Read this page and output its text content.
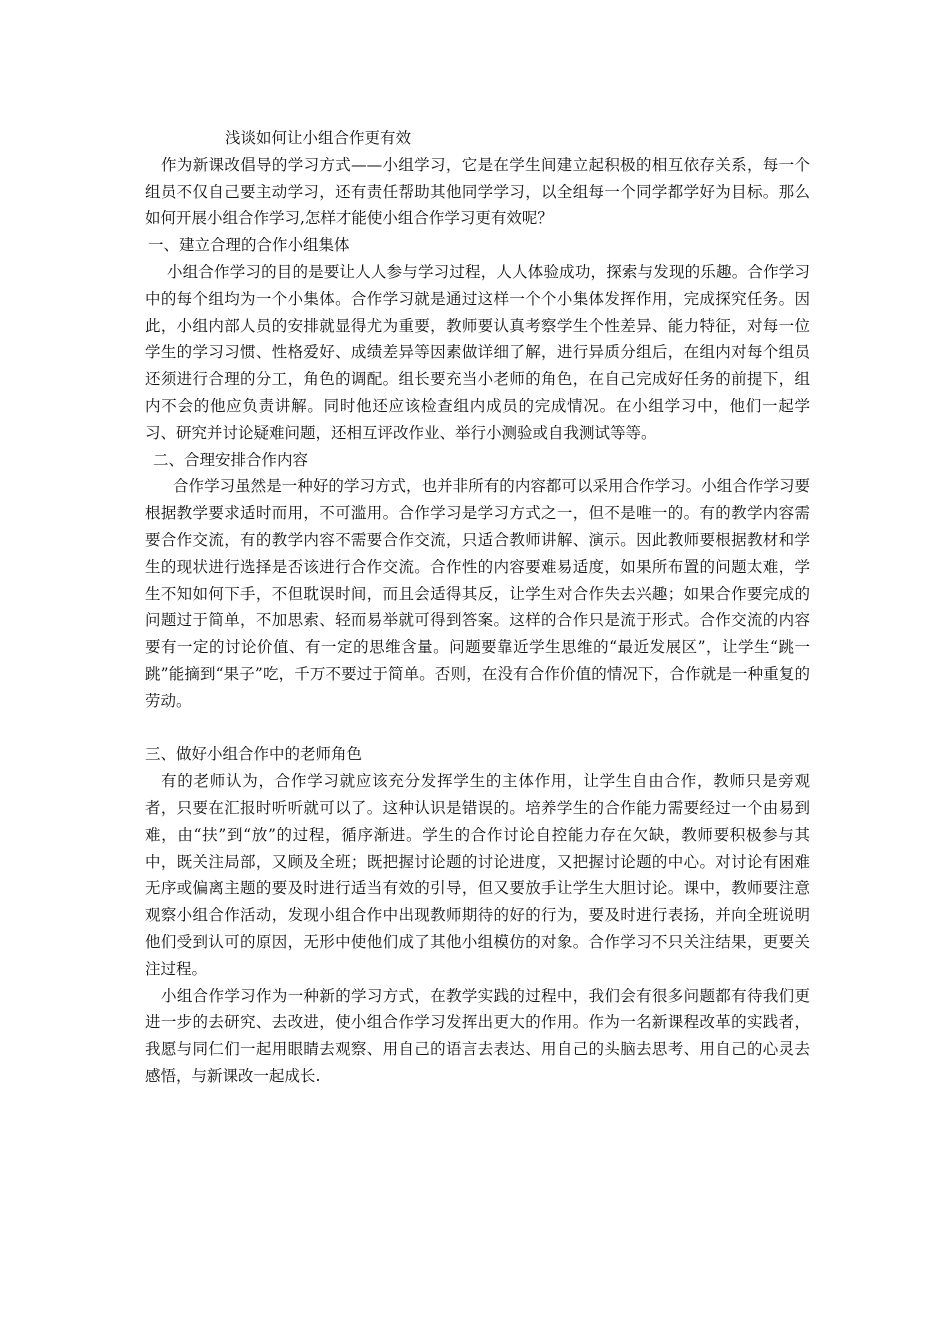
浅谈如何让小组合作更有效

作为新课改倡导的学习方式——小组学习，它是在学生间建立起积极的相互依存关系，每一个组员不仅自己要主动学习，还有责任帮助其他同学学习，以全组每一个同学都学好为目标。那么如何开展小组合作学习,怎样才能使小组合作学习更有效呢？

一、建立合理的合作小组集体

小组合作学习的目的是要让人人参与学习过程，人人体验成功，探索与发现的乐趣。合作学习中的每个组均为一个小集体。合作学习就是通过这样一个个小集体发挥作用，完成探究任务。因此，小组内部人员的安排就显得尤为重要，教师要认真考察学生个性差异、能力特征，对每一位学生的学习习惯、性格爱好、成绩差异等因素做详细了解，进行异质分组后，在组内对每个组员还须进行合理的分工，角色的调配。组长要充当小老师的角色，在自己完成好任务的前提下，组内不会的他应负责讲解。同时他还应该检查组内成员的完成情况。在小组学习中，他们一起学习、研究并讨论疑难问题，还相互评改作业、举行小测验或自我测试等等。

二、合理安排合作内容

合作学习虽然是一种好的学习方式，也并非所有的内容都可以采用合作学习。小组合作学习要根据教学要求适时而用，不可滥用。合作学习是学习方式之一，但不是唯一的。有的教学内容需要合作交流，有的教学内容不需要合作交流，只适合教师讲解、演示。因此教师要根据教材和学生的现状进行选择是否该进行合作交流。合作性的内容要难易适度，如果所布置的问题太难，学生不知如何下手，不但耽误时间，而且会适得其反，让学生对合作失去兴趣；如果合作要完成的问题过于简单，不加思索、轻而易举就可得到答案。这样的合作只是流于形式。合作交流的内容要有一定的讨论价值、有一定的思维含量。问题要靠近学生思维的“最近发展区”，让学生“跳一跳”能摘到“果子”吃，千万不要过于简单。否则，在没有合作价值的情况下，合作就是一种重复的劳动。

三、做好小组合作中的老师角色

有的老师认为，合作学习就应该充分发挥学生的主体作用，让学生自由合作，教师只是旁观者，只要在汇报时听听就可以了。这种认识是错误的。培养学生的合作能力需要经过一个由易到难，由“扶”到“放”的过程，循序渐进。学生的合作讨论自控能力存在欠缺，教师要积极参与其中，既关注局部，又顾及全班；既把握讨论题的讨论进度，又把握讨论题的中心。对讨论有困难无序或偏离主题的要及时进行适当有效的引导，但又要放手让学生大胆讨论。课中，教师要注意观察小组合作活动，发现小组合作中出现教师期待的好的行为，要及时进行表扬，并向全班说明他们受到认可的原因，无形中使他们成了其他小组模仿的对象。合作学习不只关注结果，更要关注过程。

小组合作学习作为一种新的学习方式，在教学实践的过程中，我们会有很多问题都有待我们更进一步的去研究、去改进，使小组合作学习发挥出更大的作用。作为一名新课程改革的实践者，我愿与同仁们一起用眼睛去观察、用自己的语言去表达、用自己的头脑去思考、用自己的心灵去感悟，与新课改一起成长.
